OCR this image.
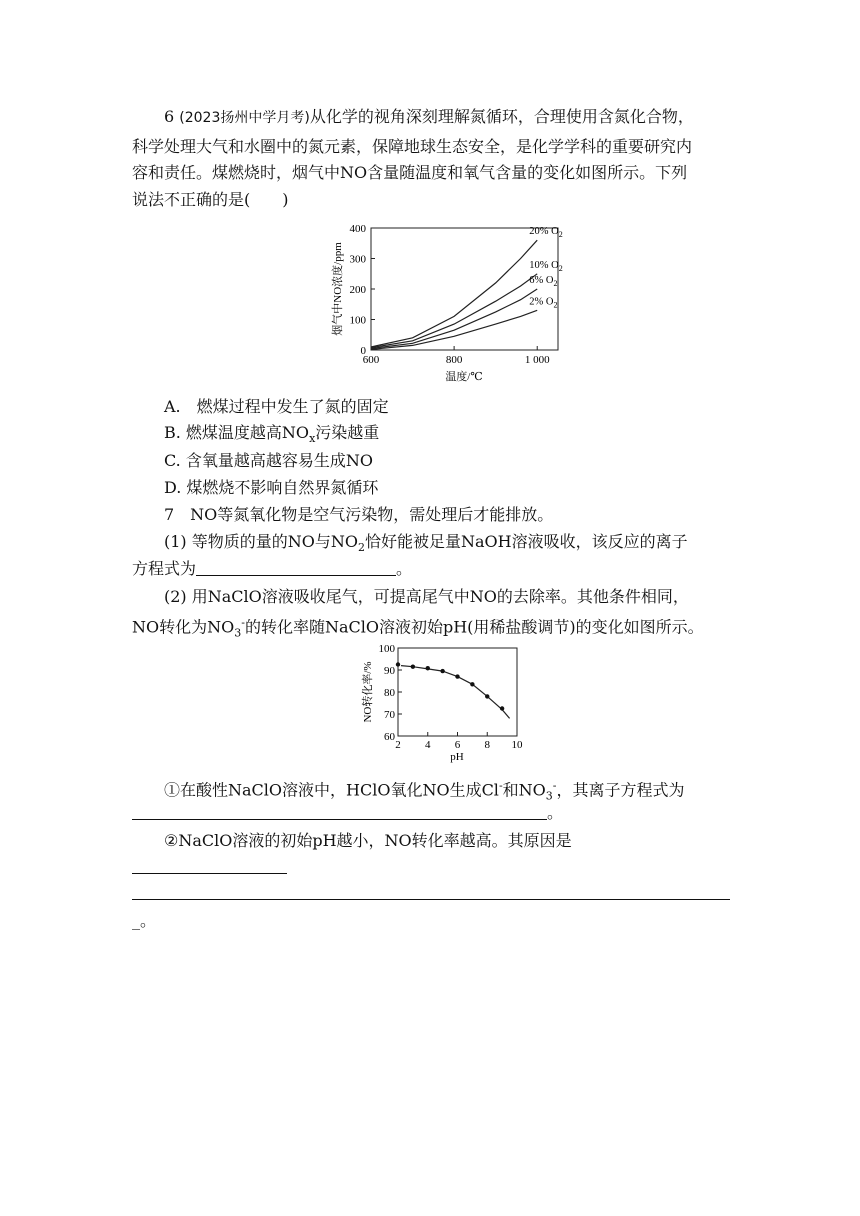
6 (2023扬州中学月考)从化学的视角深刻理解氮循环，合理使用含氮化合物，
科学处理大气和水圈中的氮元素，保障地球生态安全，是化学学科的重要研究内
容和责任。煤燃烧时，烟气中NO含量随温度和氧气含量的变化如图所示。下列
说法不正确的是(　　)
0
100
200
300
400
600	800	1 000
20% $O_2$
10% $O_2$
6% $O_2$
2% $O_2$
烟气中NO浓度/ppm
温度/℃
A.　燃煤过程中发生了氮的固定
B. 燃煤温度越高$NO_x$污染越重
C. 含氧量越高越容易生成NO
D. 煤燃烧不影响自然界氮循环
7　NO等氮氧化物是空气污染物，需处理后才能排放。
(1) 等物质的量的NO与$NO_2$恰好能被足量NaOH溶液吸收，该反应的离子
方程式为	。
(2) 用NaClO溶液吸收尾气，可提高尾气中NO的去除率。其他条件相同，
NO转化为$NO_3^-$的转化率随NaClO溶液初始pH(用稀盐酸调节)的变化如图所示。
60
70
80
90
100
2 4 6 8 10
NO转化率/%
pH
①在酸性NaClO溶液中，HClO氧化NO生成Cl-和$NO_3^-$，其离子方程式为
。
②NaClO溶液的初始pH越小，NO转化率越高。其原因是
_。
